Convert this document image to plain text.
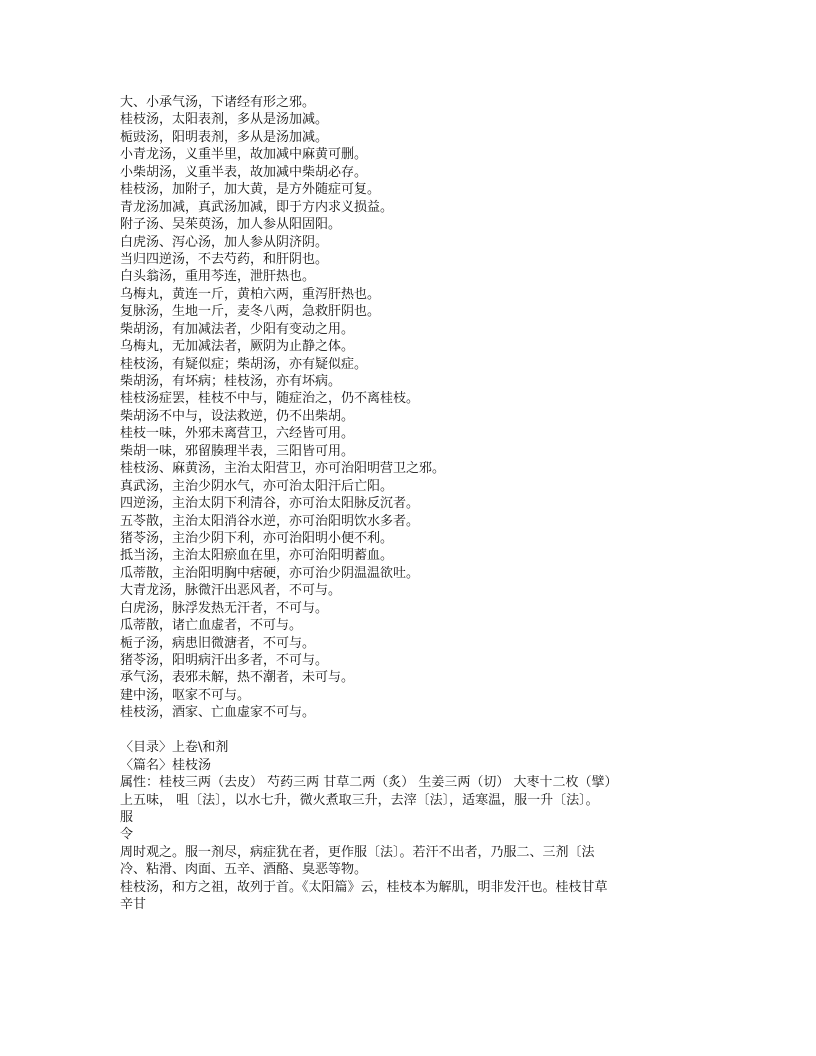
大、小承气汤，下诸经有形之邪。
桂枝汤，太阳表剂，多从是汤加减。
栀豉汤，阳明表剂，多从是汤加减。
小青龙汤，义重半里，故加减中麻黄可删。
小柴胡汤，义重半表，故加减中柴胡必存。
桂枝汤，加附子，加大黄，是方外随症可复。
青龙汤加减，真武汤加减，即于方内求义损益。
附子汤、吴茱萸汤，加人参从阳固阳。
白虎汤、泻心汤，加人参从阴济阴。
当归四逆汤，不去芍药，和肝阴也。
白头翁汤，重用芩连，泄肝热也。
乌梅丸，黄连一斤，黄柏六两，重泻肝热也。
复脉汤，生地一斤，麦冬八两，急救肝阴也。
柴胡汤，有加减法者，少阳有变动之用。
乌梅丸，无加减法者，厥阴为止静之体。
桂枝汤，有疑似症；柴胡汤，亦有疑似症。
柴胡汤，有坏病；桂枝汤，亦有坏病。
桂枝汤症罢，桂枝不中与，随症治之，仍不离桂枝。
柴胡汤不中与，设法救逆，仍不出柴胡。
桂枝一味，外邪未离营卫，六经皆可用。
柴胡一味，邪留腠理半表，三阳皆可用。
桂枝汤、麻黄汤，主治太阳营卫，亦可治阳明营卫之邪。
真武汤，主治少阴水气，亦可治太阳汗后亡阳。
四逆汤，主治太阴下利清谷，亦可治太阳脉反沉者。
五苓散，主治太阳消谷水逆，亦可治阳明饮水多者。
猪苓汤，主治少阴下利，亦可治阳明小便不利。
抵当汤，主治太阳瘀血在里，亦可治阳明蓄血。
瓜蒂散，主治阳明胸中痞硬，亦可治少阴温温欲吐。
大青龙汤，脉微汗出恶风者，不可与。
白虎汤，脉浮发热无汗者，不可与。
瓜蒂散，诸亡血虚者，不可与。
栀子汤，病患旧微溏者，不可与。
猪苓汤，阳明病汗出多者，不可与。
承气汤，表邪未解，热不潮者，未可与。
建中汤，呕家不可与。
桂枝汤，酒家、亡血虚家不可与。
〈目录〉上卷\和剂
〈篇名〉桂枝汤
属性：桂枝三两（去皮） 芍药三两 甘草二两（炙） 生姜三两（切） 大枣十二枚（擘）
上五味， 咀〔法〕，以水七升，微火煮取三升，去滓〔法〕，适寒温，服一升〔法〕。
服
令
周时观之。服一剂尽，病症犹在者，更作服〔法〕。若汗不出者，乃服二、三剂〔法
冷、粘滑、肉面、五辛、酒酪、臭恶等物。
桂枝汤，和方之祖，故列于首。《太阳篇》云，桂枝本为解肌，明非发汗也。桂枝甘草
辛甘
